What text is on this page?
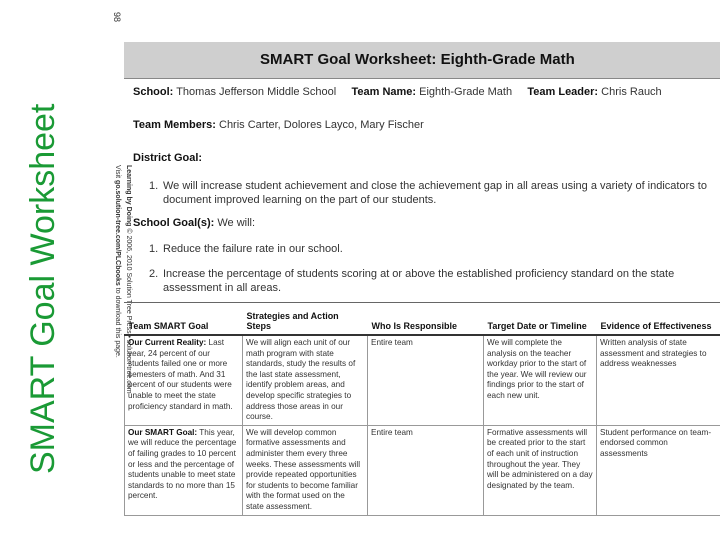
SMART Goal Worksheet
98
Learning by Doing © 2006, 2010 Solution Tree Press • solution-tree.com
Visit go.solution-tree.com/PLCbooks to download this page.
SMART Goal Worksheet: Eighth-Grade Math
School: Thomas Jefferson Middle School Team Name: Eighth-Grade Math Team Leader: Chris Rauch
Team Members: Chris Carter, Dolores Layco, Mary Fischer
District Goal:
1. We will increase student achievement and close the achievement gap in all areas using a variety of indicators to document improved learning on the part of our students.
School Goal(s): We will:
1. Reduce the failure rate in our school.
2. Increase the percentage of students scoring at or above the established proficiency standard on the state assessment in all areas.
Team SMART Goal	Strategies and Action Steps	Who Is Responsible	Target Date or Timeline	Evidence of Effectiveness
Our Current Reality: Last year, 24 percent of our students failed one or more semesters of math. And 31 percent of our students were unable to meet the state proficiency standard in math.	We will align each unit of our math program with state standards, study the results of the last state assessment, identify problem areas, and develop specific strategies to address those areas in our course.	Entire team	We will complete the analysis on the teacher workday prior to the start of the year. We will review our findings prior to the start of each new unit.	Written analysis of state assessment and strategies to address weaknesses
Our SMART Goal: This year, we will reduce the percentage of failing grades to 10 percent or less and the percentage of students unable to meet state standards to no more than 15 percent.	We will develop common formative assessments and administer them every three weeks. These assessments will provide repeated opportunities for students to become familiar with the format used on the state assessment.	Entire team	Formative assessments will be created prior to the start of each unit of instruction throughout the year. They will be administered on a day designated by the team.	Student performance on team-endorsed common assessments
